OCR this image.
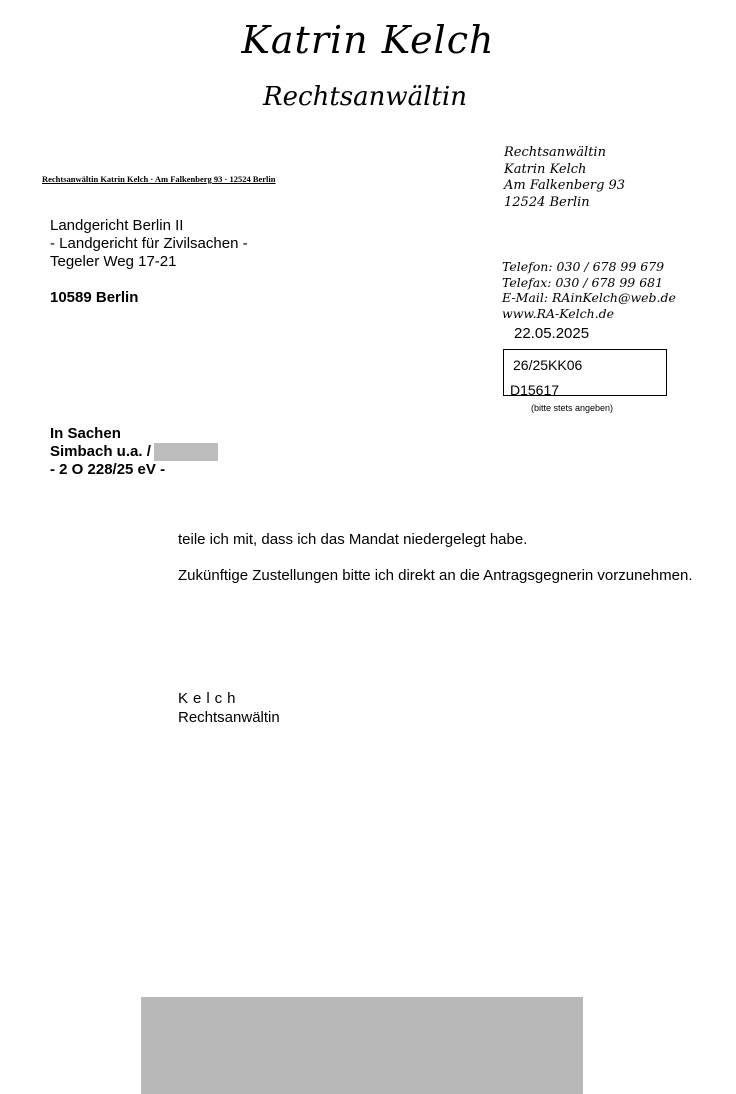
Katrin Kelch
Rechtsanwältin
Rechtsanwältin Katrin Kelch · Am Falkenberg 93 · 12524 Berlin
Rechtsanwältin
Katrin Kelch
Am Falkenberg 93
12524 Berlin
Telefon: 030 / 678 99 679
Telefax: 030 / 678 99 681
E-Mail: RAinKelch@web.de
www.RA-Kelch.de
Landgericht Berlin II
- Landgericht für Zivilsachen -
Tegeler Weg 17-21
10589 Berlin
22.05.2025
26/25KK06
D15617
(bitte stets angeben)
In Sachen
Simbach u.a. /
- 2 O 228/25 eV -
teile ich mit, dass ich das Mandat niedergelegt habe.
Zukünftige Zustellungen bitte ich direkt an die Antragsgegnerin vorzunehmen.
Kelch
Rechtsanwältin
